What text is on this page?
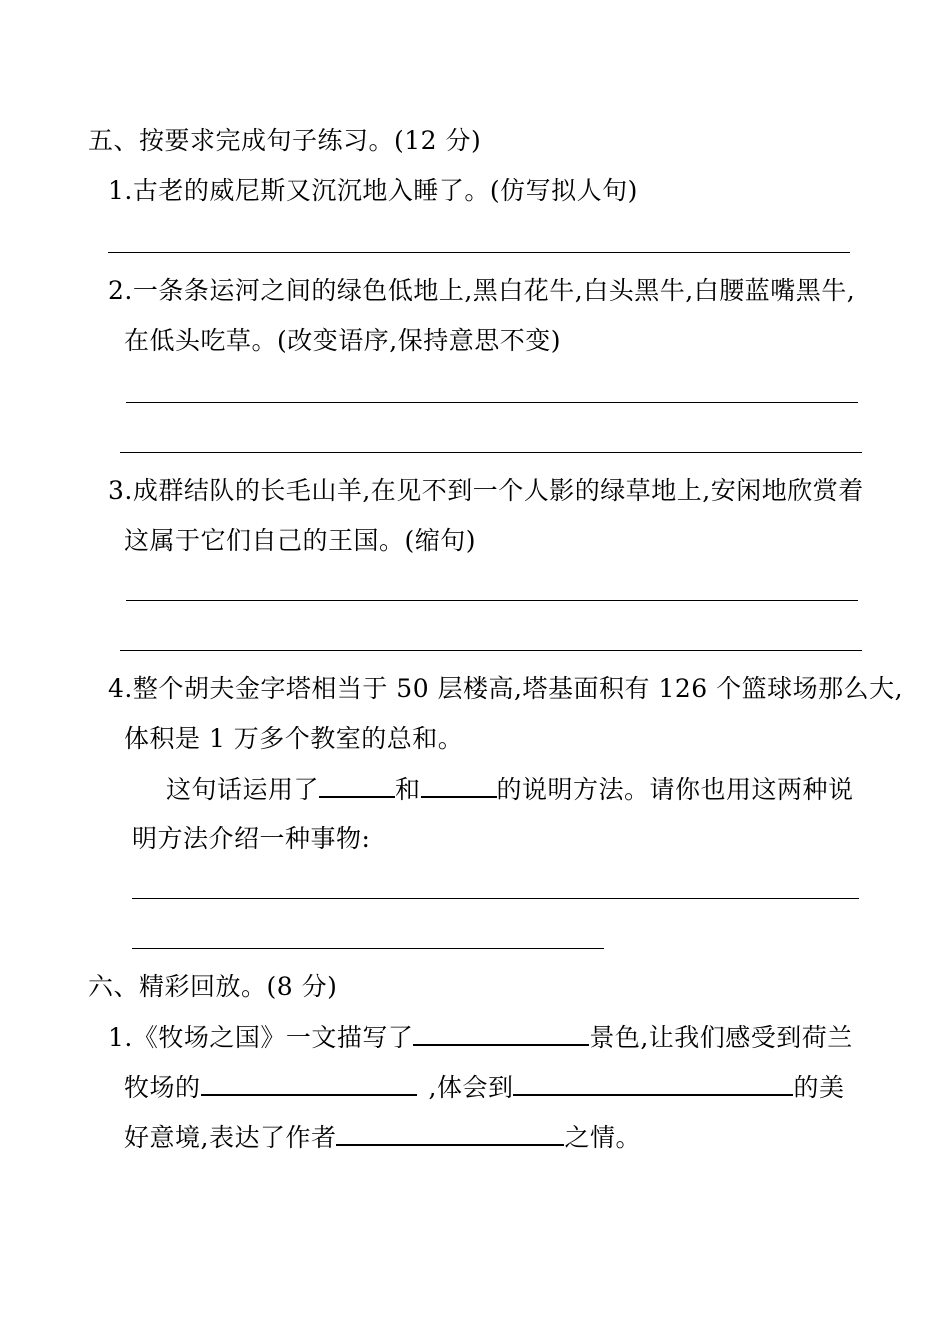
五、按要求完成句子练习。(12 分)
1.古老的威尼斯又沉沉地入睡了。(仿写拟人句)
2.一条条运河之间的绿色低地上,黑白花牛,白头黑牛,白腰蓝嘴黑牛,
在低头吃草。(改变语序,保持意思不变)
3.成群结队的长毛山羊,在见不到一个人影的绿草地上,安闲地欣赏着
这属于它们自己的王国。(缩句)
4.整个胡夫金字塔相当于 50 层楼高,塔基面积有 126 个篮球场那么大,
体积是 1 万多个教室的总和。
这句话运用了	和	的说明方法。请你也用这两种说
明方法介绍一种事物:
六、精彩回放。(8 分)
1.《牧场之国》一文描写了	景色,让我们感受到荷兰
牧场的	,体会到	的美
好意境,表达了作者	之情。
